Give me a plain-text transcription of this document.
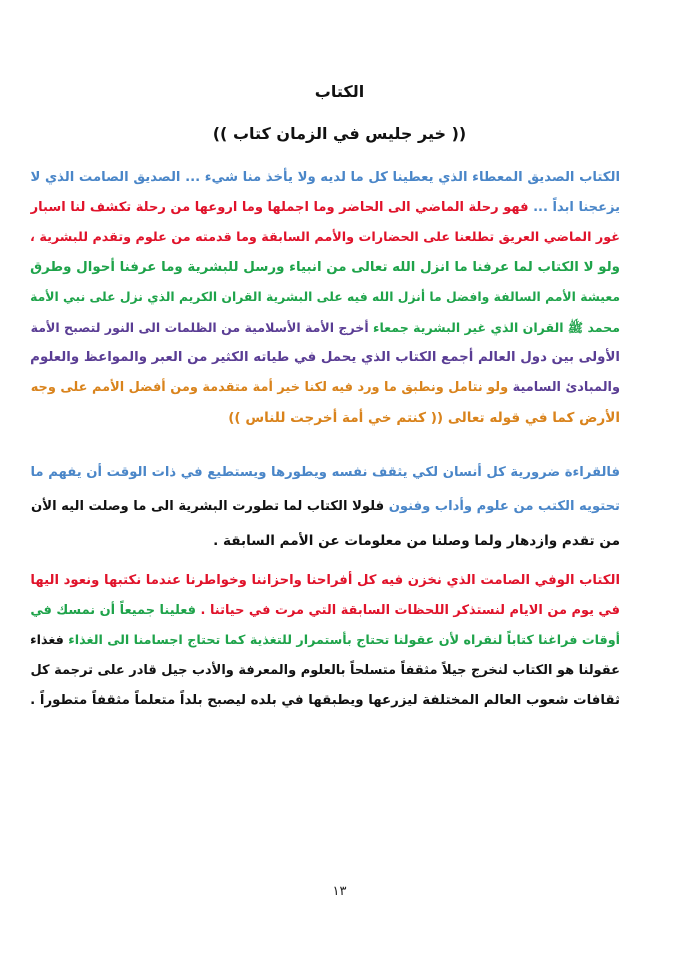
الكتاب
(( خير جليس في الزمان كتاب ))
الكتاب الصديق المعطاء الذي يعطينا كل ما لديه ولا يأخذ منا شيء ... الصديق الصامت الذي لا
يزعجنا ابداً ... فهو رحلة الماضي الى الحاضر وما اجملها وما اروعها من رحلة تكشف لنا اسبار
غور الماضي العريق تطلعنا على الحضارات والأمم السابقة وما قدمته من علوم وتقدم للبشرية ،
ولو لا الكتاب لما عرفنا ما انزل الله تعالى من انبياء ورسل للبشرية وما عرفنا أحوال وطرق
معيشة الأمم السالفة وافضل ما أنزل الله فيه على البشرية القران الكريم الذي نزل على نبي الأمة
محمد ﷺ القران الذي غير البشرية جمعاء أخرج الأمة الأسلامية من الظلمات الى النور لتصبح الأمة
الأولى بين دول العالم أجمع الكتاب الذي يحمل في طياته الكثير من العبر والمواعظ والعلوم
والمبادئ السامية ولو نتامل ونطبق ما ورد فيه لكنا خير أمة متقدمة ومن أفضل الأمم على وجه
الأرض كما في قوله تعالى (( كنتم خي أمة أخرجت للناس ))
فالقراءة ضرورية كل أنسان لكي يثقف نفسه ويطورها ويستطيع في ذات الوقت أن يفهم ما
تحتويه الكتب من علوم وأداب وفنون فلولا الكتاب لما تطورت البشرية الى ما وصلت اليه الأن
من تقدم وازدهار ولما وصلنا من معلومات عن الأمم السابقة .
الكتاب الوفي الصامت الذي نخزن فيه كل أفراحنا واحزاننا وخواطرنا عندما نكتبها ونعود اليها
في يوم من الايام لنستذكر اللحظات السابقة التي مرت في حياتنا . فعلينا جميعاً أن نمسك في
أوقات فراغنا كتاباً لنقراه لأن عقولنا تحتاج بأستمرار للتغذية كما تحتاج اجسامنا الى الغذاء فغذاء
عقولنا هو الكتاب لنخرج جيلاً مثقفاً متسلحاً بالعلوم والمعرفة والأدب جيل قادر على ترجمة كل
ثقافات شعوب العالم المختلفة ليزرعها ويطبقها في بلده ليصبح بلداً متعلماً مثقفاً متطوراً .
١٣
